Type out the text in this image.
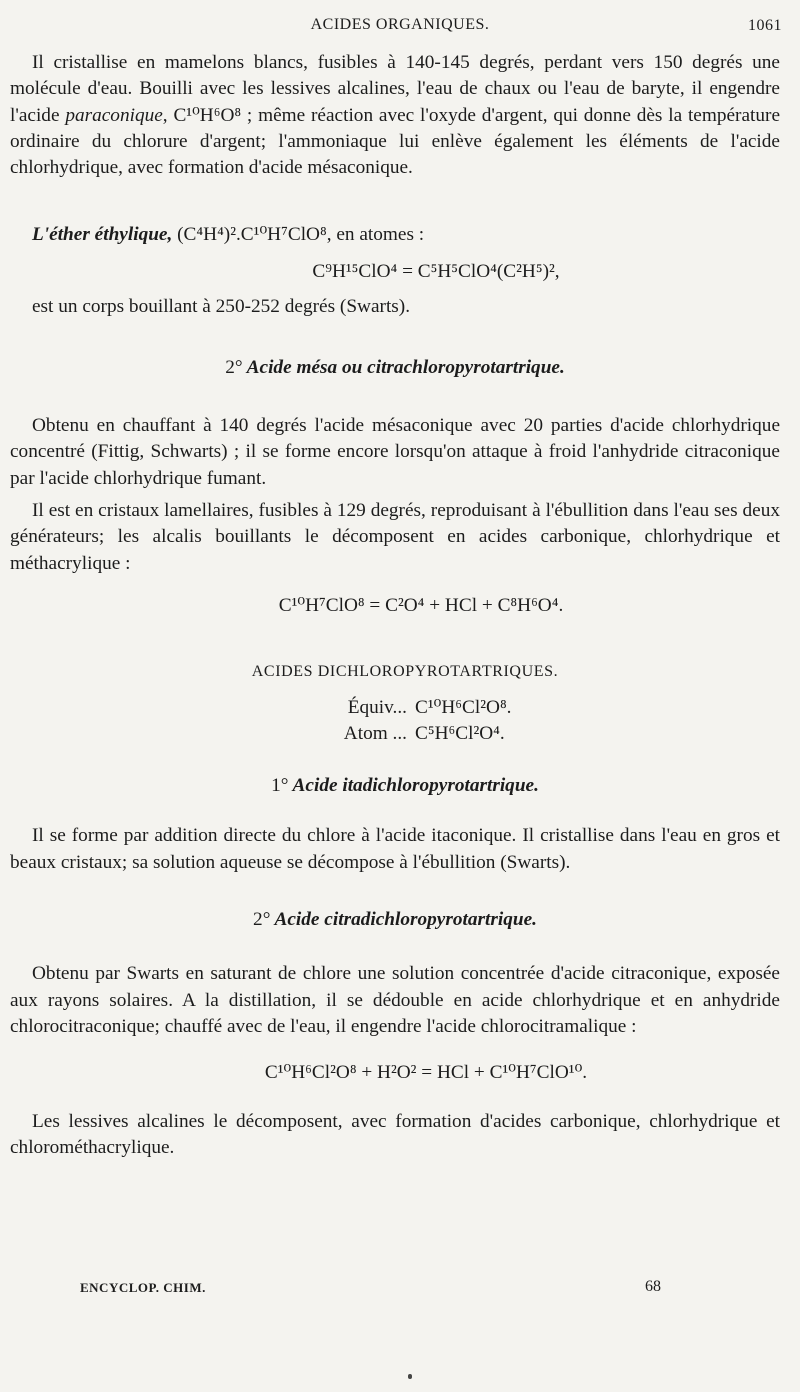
ACIDES ORGANIQUES.	1061

Il cristallise en mamelons blancs, fusibles à 140-145 degrés, perdant vers 150 degrés une molécule d'eau. Bouilli avec les lessives alcalines, l'eau de chaux ou l'eau de baryte, il engendre l'acide paraconique, C¹⁰H⁶O⁸ ; même réaction avec l'oxyde d'argent, qui donne dès la température ordinaire du chlorure d'argent; l'ammoniaque lui enlève également les éléments de l'acide chlorhydrique, avec formation d'acide mésaconique.

L'éther éthylique, (C⁴H⁴)².C¹⁰H⁷ClO⁸, en atomes :

C⁹H¹⁵ClO⁴ = C⁵H⁵ClO⁴(C²H⁵)²,

est un corps bouillant à 250-252 degrés (Swarts).

2° Acide mésa ou citrachloropyrotartrique.

Obtenu en chauffant à 140 degrés l'acide mésaconique avec 20 parties d'acide chlorhydrique concentré (Fittig, Schwarts) ; il se forme encore lorsqu'on attaque à froid l'anhydride citraconique par l'acide chlorhydrique fumant.

Il est en cristaux lamellaires, fusibles à 129 degrés, reproduisant à l'ébullition dans l'eau ses deux générateurs; les alcalis bouillants le décomposent en acides carbonique, chlorhydrique et méthacrylique :

C¹⁰H⁷ClO⁸ = C²O⁴ + HCl + C⁸H⁶O⁴.

ACIDES DICHLOROPYROTARTRIQUES.

Équiv... C¹⁰H⁶Cl²O⁸.
Atom ... C⁵H⁶Cl²O⁴.

1° Acide itadichloropyrotartrique.

Il se forme par addition directe du chlore à l'acide itaconique. Il cristallise dans l'eau en gros et beaux cristaux; sa solution aqueuse se décompose à l'ébullition (Swarts).

2° Acide citradichloropyrotartrique.

Obtenu par Swarts en saturant de chlore une solution concentrée d'acide citraconique, exposée aux rayons solaires. A la distillation, il se dédouble en acide chlorhydrique et en anhydride chlorocitraconique; chauffé avec de l'eau, il engendre l'acide chlorocitramalique :

C¹⁰H⁶Cl²O⁸ + H²O² = HCl + C¹⁰H⁷ClO¹⁰.

Les lessives alcalines le décomposent, avec formation d'acides carbonique, chlorhydrique et chlorométhacrylique.

ENCYCLOP. CHIM.	68
